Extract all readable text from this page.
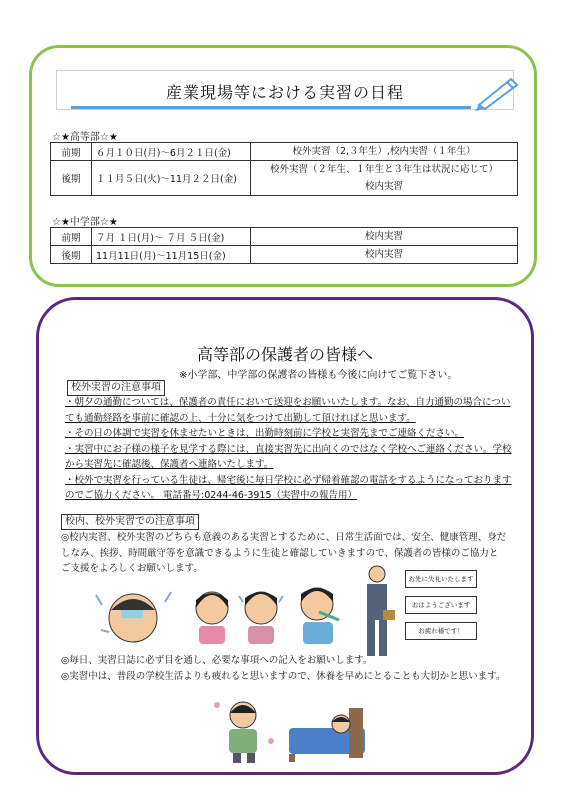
産業現場等における実習の日程
☆★高等部☆★
前期	６月１０日(月)〜6月２１日(金)	校外実習（2,３年生）,校内実習（１年生）
後期	１１月５日(火)〜11月２２日(金)	校外実習（２年生、１年生と３年生は状況に応じて）
校内実習
☆★中学部☆★
前期	７月 １日(月)〜 ７月 ５日(金)	校内実習
後期	11月11日(月)〜11月15日(金)	校内実習
高等部の保護者の皆様へ
※小学部、中学部の保護者の皆様も今後に向けてご覧下さい。
校外実習の注意事項

・朝夕の通勤については、保護者の責任において送迎をお願いいたします。なお、自力通勤の場合につい

ても通勤経路を事前に確認の上、十分に気をつけて出勤して頂ければと思います。

・その日の体調で実習を休ませたいときは、出勤時刻前に学校と実習先までご連絡ください。

・実習中にお子様の様子を見学する際には、直接実習先に出向くのではなく学校へご連絡ください。学校

から実習先に確認後、保護者へ連絡いたします。

・校外で実習を行っている生徒は、帰宅後に毎日学校に必ず帰着確認の電話をするようになっております

のでご協力ください。 電話番号:0244-46-3915（実習中の報告用）

校内、校外実習での注意事項

◎校内実習、校外実習のどちらも意義のある実習とするために、日常生活面では、安全、健康管理、身だ

しなみ、挨拶、時間厳守等を意識できるように生徒と確認していきますので、保護者の皆様のご協力と

ご支援をよろしくお願いします。

お先に失礼いたします
おはようございます
お疲れ様です！

◎毎日、実習日誌に必ず目を通し、必要な事項への記入をお願いします。

◎実習中は、普段の学校生活よりも疲れると思いますので、休養を早めにとることも大切かと思います。
